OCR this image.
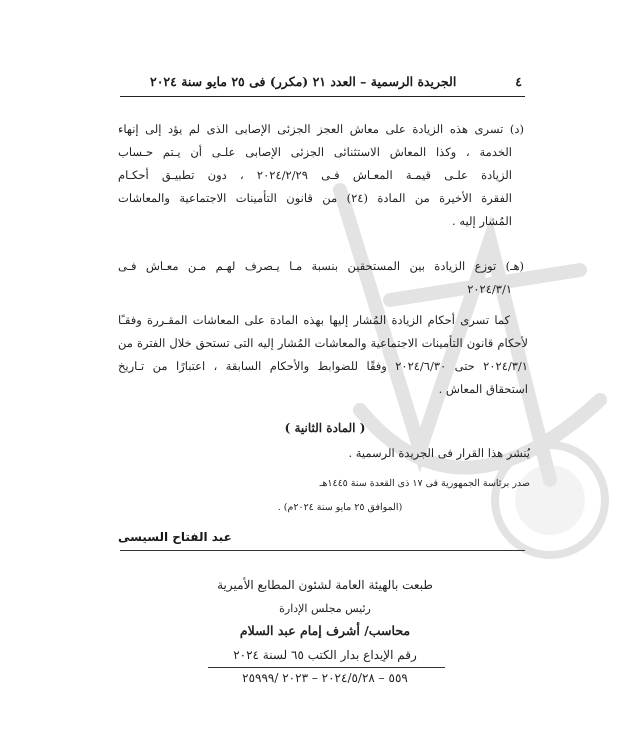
٤
الجريدة الرسمية – العدد ٢١ (مكرر) فى ٢٥ مايو سنة ٢٠٢٤
(د) تسرى هذه الزيادة على معاش العجز الجزئى الإصابى الذى لم يؤد إلى إنهاء
الخدمة ، وكذا المعاش الاستثنائى الجزئى الإصابى علـى أن يـتم حـساب
الزيادة علـى قيمـة المعـاش فـى ٢٠٢٤/٢/٢٩ ، دون تطبيـق أحكـام
الفقرة الأخيرة من المادة (٢٤) من قانون التأمينات الاجتماعية والمعاشات
المُشار إليه .
(هـ) توزع الزيادة بين المستحقين بنسبة مـا يـصرف لهـم مـن معـاش فـى
٢٠٢٤/٣/١
كما تسرى أحكام الزيادة المُشار إليها بهذه المادة على المعاشات المقـررة وفقـًا
لأحكام قانون التأمينات الاجتماعية والمعاشات المُشار إليه التى تستحق خلال الفترة من
٢٠٢٤/٣/١ حتى ٢٠٢٤/٦/٣٠ وفقًا للضوابط والأحكام السابقة ، اعتبارًا من تـاريخ
استحقاق المعاش .
( المادة الثانية )
يُنشر هذا القرار فى الجريدة الرسمية .
صدر برئاسة الجمهورية فى ١٧ ذى القعدة سنة ١٤٤٥هـ
(الموافق ٢٥ مايو سنة ٢٠٢٤م) .
عبد الفتاح السيسى
طبعت بالهيئة العامة لشئون المطابع الأميرية
رئيس مجلس الإدارة
محاسب/ أشرف إمام عبد السلام
رقم الإيداع بدار الكتب ٦٥ لسنة ٢٠٢٤
٥٥٩ – ٢٠٢٤/٥/٢٨ – ٢٠٢٣ /٢٥٩٩٩
